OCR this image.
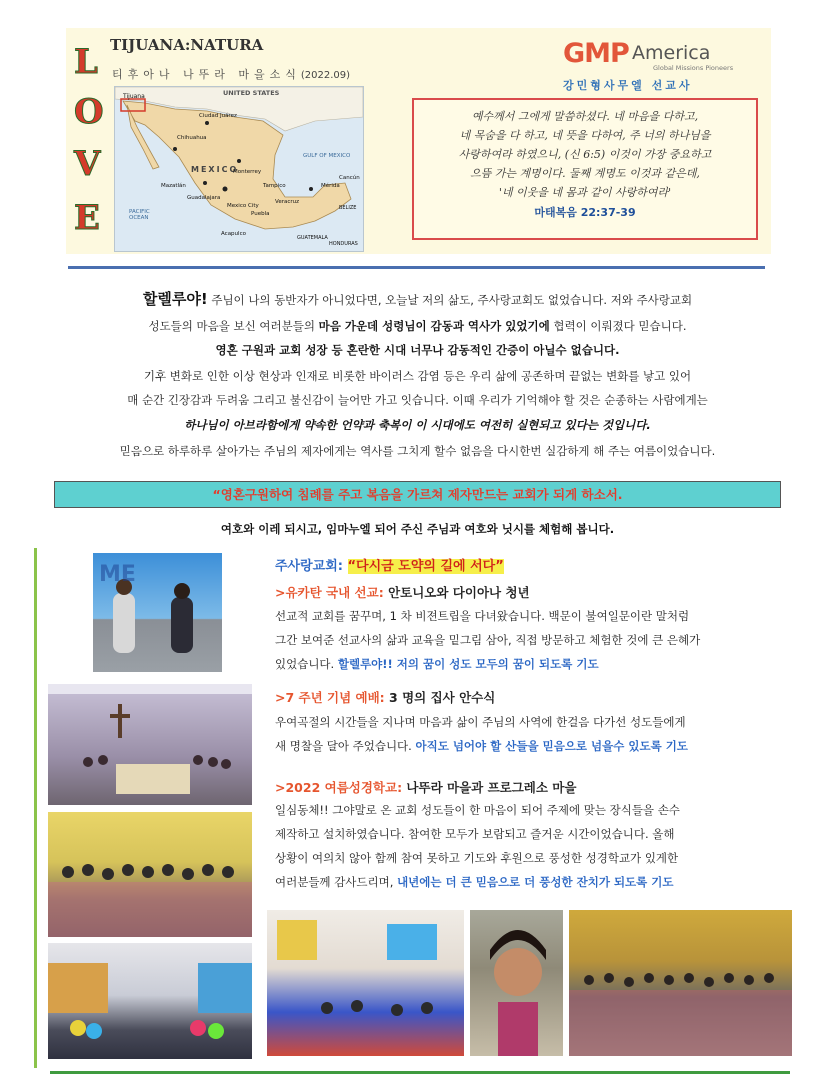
L
O
V
E
TIJUANA:NATURA
티후아나 나뚜라 마을소식(2022.09)
Tijuana	UNITED STATES
Ciudad Juárez
Chihuahua
MEXICO
Monterrey
GULF OF MEXICO
Mazatlán	Tampico
Guadalajara
Mexico City
Veracruz
Mérida
Cancún
Puebla
PACIFIC OCEAN
Acapulco
BELIZE
GUATEMALA
HONDURAS
GMP America
Global Missions Pioneers
강민형사무엘 선교사
예수께서 그에게 말씀하셨다. 네 마음을 다하고,
네 목숨을 다 하고, 네 뜻을 다하여, 주 너의 하나님을
사랑하여라 하였으니, (신 6:5) 이것이 가장 중요하고
으뜸 가는 계명이다. 둘째 계명도 이것과 같은데,
'네 이웃을 네 몸과 같이 사랑하여라'
마태복음 22:37-39
할렐루야! 주님이 나의 동반자가 아니었다면, 오늘날 저의 삶도, 주사랑교회도 없었습니다. 저와 주사랑교회
성도들의 마음을 보신 여러분들의 마음 가운데 성령님이 감동과 역사가 있었기에 협력이 이뤄졌다 믿습니다.
영혼 구원과 교회 성장 등 혼란한 시대 너무나 감동적인 간증이 아닐수 없습니다.
기후 변화로 인한 이상 현상과 인재로 비롯한 바이러스 감염 등은 우리 삶에 공존하며 끝없는 변화를 낳고 있어
매 순간 긴장감과 두려움 그리고 불신감이 늘어만 가고 잇습니다. 이때 우리가 기억해야 할 것은 순종하는 사람에게는
하나님이 아브라함에게 약속한 언약과 축복이 이 시대에도 여전히 실현되고 있다는 것입니다.
믿음으로 하루하루 살아가는 주님의 제자에게는 역사를 그치게 할수 없음을 다시한번 실감하게 해 주는 여름이었습니다.
“영혼구원하여 침례를 주고 복음을 가르쳐 제자만드는 교회가 되게 하소서.
여호와 이레 되시고, 임마누엘 되어 주신 주님과 여호와 닛시를 체험해 봅니다.
ME	주사랑교회: “다시금 도약의 길에 서다”
>유카탄 국내 선교: 안토니오와 다이아나 청년
선교적 교회를 꿈꾸며, 1 차 비젼트립을 다녀왔습니다. 백문이 불여일문이란 말처럼
그간 보여준 선교사의 삶과 교육을 밑그림 삼아, 직접 방문하고 체험한 것에 큰 은혜가
있었습니다. 할렐루야!! 저의 꿈이 성도 모두의 꿈이 되도록 기도
>7 주년 기념 예배: 3 명의 집사 안수식
우여곡절의 시간들을 지나며 마음과 삶이 주님의 사역에 한걸음 다가선 성도들에게
새 명찰을 달아 주었습니다. 아직도 넘어야 할 산들을 믿음으로 넘을수 있도록 기도
>2022 여름성경학교: 나뚜라 마을과 프로그레소 마을
일심동체!! 그야말로 온 교회 성도들이 한 마음이 되어 주제에 맞는 장식들을 손수
제작하고 설치하였습니다. 참여한 모두가 보람되고 즐거운 시간이었습니다. 올해
상황이 여의치 않아 함께 참여 못하고 기도와 후원으로 풍성한 성경학교가 있게한
여러분들께 감사드리며, 내년에는 더 큰 믿음으로 더 풍성한 잔치가 되도록 기도
